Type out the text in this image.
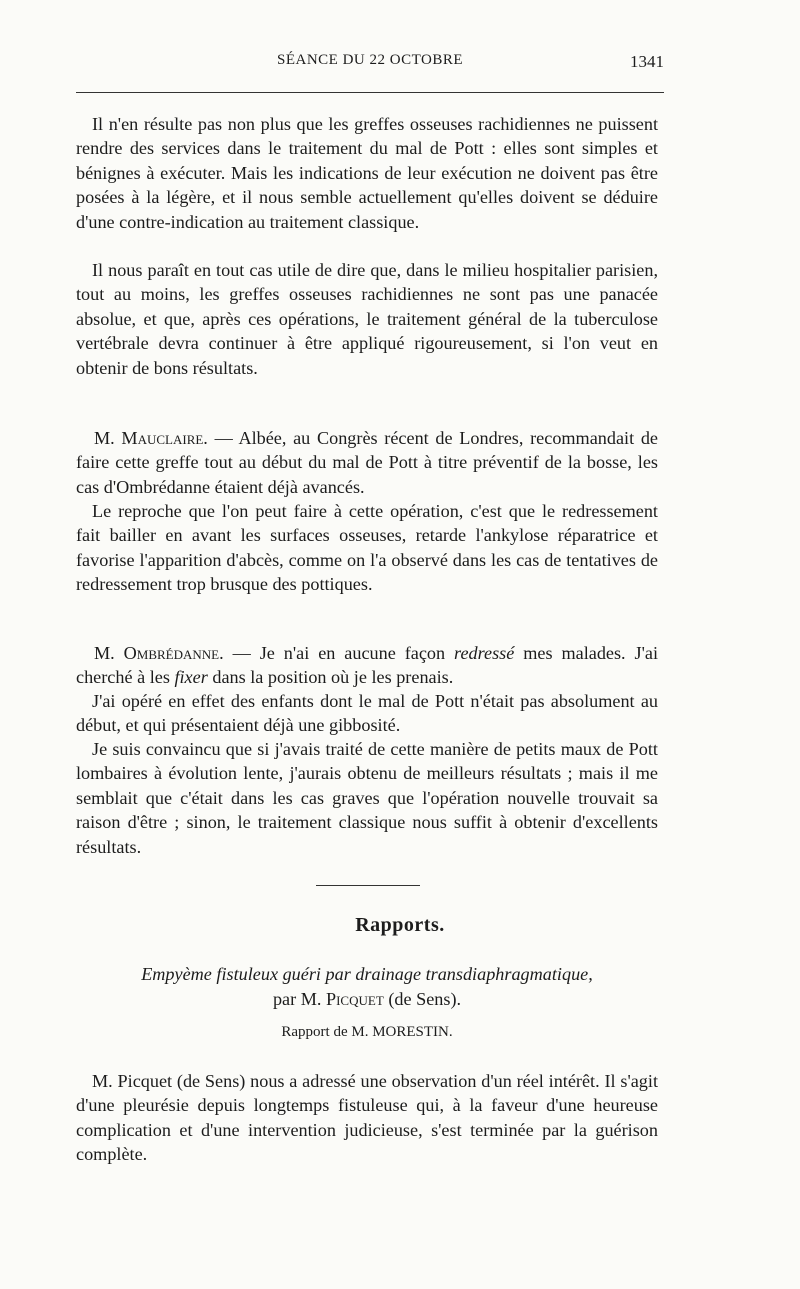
SÉANCE DU 22 OCTOBRE	1341

Il n'en résulte pas non plus que les greffes osseuses rachidiennes ne puissent rendre des services dans le traitement du mal de Pott : elles sont simples et bénignes à exécuter. Mais les indications de leur exécution ne doivent pas être posées à la légère, et il nous semble actuellement qu'elles doivent se déduire d'une contre-indication au traitement classique.

Il nous paraît en tout cas utile de dire que, dans le milieu hospitalier parisien, tout au moins, les greffes osseuses rachidiennes ne sont pas une panacée absolue, et que, après ces opérations, le traitement général de la tuberculose vertébrale devra continuer à être appliqué rigoureusement, si l'on veut en obtenir de bons résultats.

M. Mauclaire. — Albée, au Congrès récent de Londres, recommandait de faire cette greffe tout au début du mal de Pott à titre préventif de la bosse, les cas d'Ombrédanne étaient déjà avancés.

Le reproche que l'on peut faire à cette opération, c'est que le redressement fait bailler en avant les surfaces osseuses, retarde l'ankylose réparatrice et favorise l'apparition d'abcès, comme on l'a observé dans les cas de tentatives de redressement trop brusque des pottiques.

M. Ombrédanne. — Je n'ai en aucune façon redressé mes malades. J'ai cherché à les fixer dans la position où je les prenais.

J'ai opéré en effet des enfants dont le mal de Pott n'était pas absolument au début, et qui présentaient déjà une gibbosité.

Je suis convaincu que si j'avais traité de cette manière de petits maux de Pott lombaires à évolution lente, j'aurais obtenu de meilleurs résultats ; mais il me semblait que c'était dans les cas graves que l'opération nouvelle trouvait sa raison d'être ; sinon, le traitement classique nous suffit à obtenir d'excellents résultats.

Rapports.
Empyème fistuleux guéri par drainage transdiaphragmatique,
par M. Picquet (de Sens).
Rapport de M. MORESTIN.

M. Picquet (de Sens) nous a adressé une observation d'un réel intérêt. Il s'agit d'une pleurésie depuis longtemps fistuleuse qui, à la faveur d'une heureuse complication et d'une intervention judicieuse, s'est terminée par la guérison complète.
